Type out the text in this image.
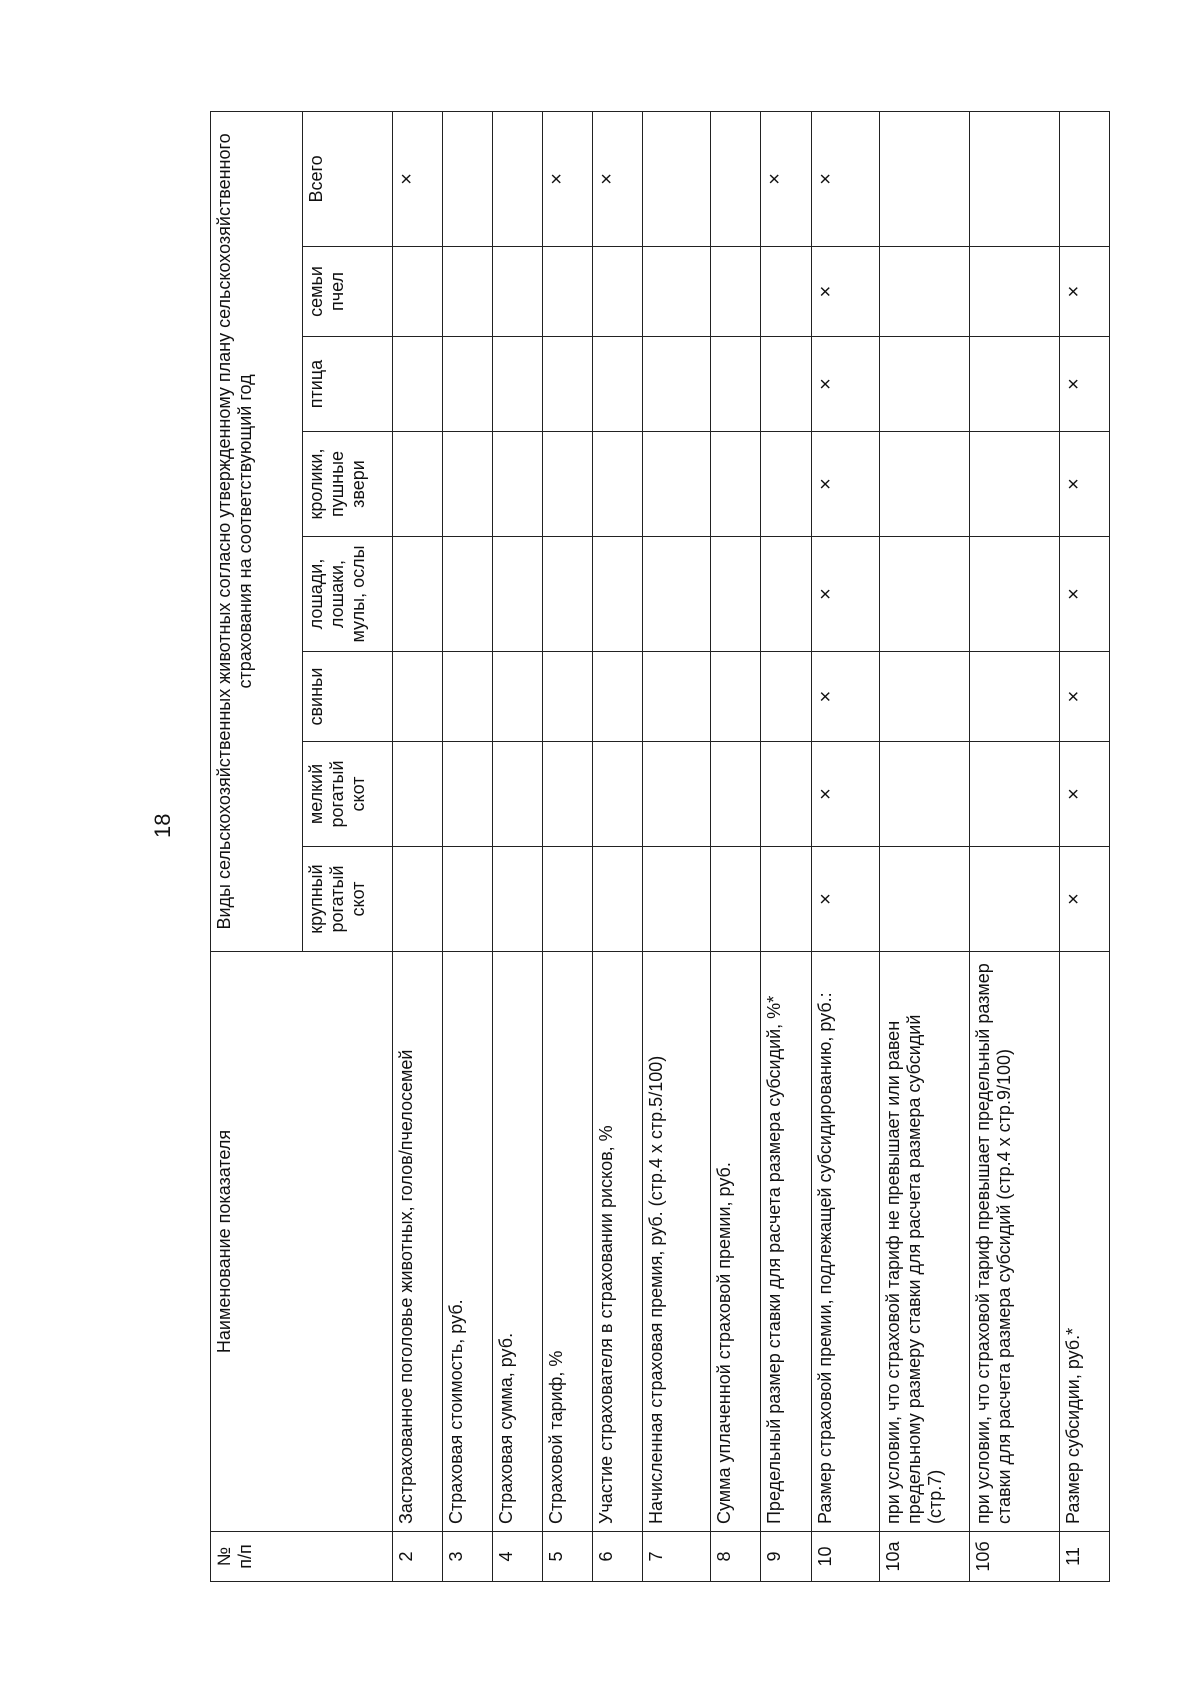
18
№
п/п	Наименование показателя	Виды сельскохозяйственных животных согласно утвержденному плану сельскохозяйственного страхования на соответствующий год							
		крупный рогатый скот	мелкий рогатый скот	свиньи	лошади, лошаки, мулы, ослы	кролики, пушные звери	птица	семьи пчел	Всего
2	Застрахованное поголовье животных, голов/пчелосемей								×
3	Страховая стоимость, руб.								
4	Страховая сумма, руб.								
5	Страховой тариф, %								×
6	Участие страхователя в страховании рисков, %								×
7	Начисленная страховая премия, руб. (стр.4 х стр.5/100)								
8	Сумма уплаченной страховой премии, руб.								
9	Предельный размер ставки для расчета размера субсидий, %*								×
10	Размер страховой премии, подлежащей субсидированию, руб.:	×	×	×	×	×	×	×	×
10а	при условии, что страховой тариф не превышает или равен предельному размеру ставки для расчета размера субсидий (стр.7)								
10б	при условии, что страховой тариф превышает предельный размер ставки для расчета размера субсидий (стр.4 х стр.9/100)								
11	Размер субсидии, руб.*	×	×	×	×	×	×	×	
